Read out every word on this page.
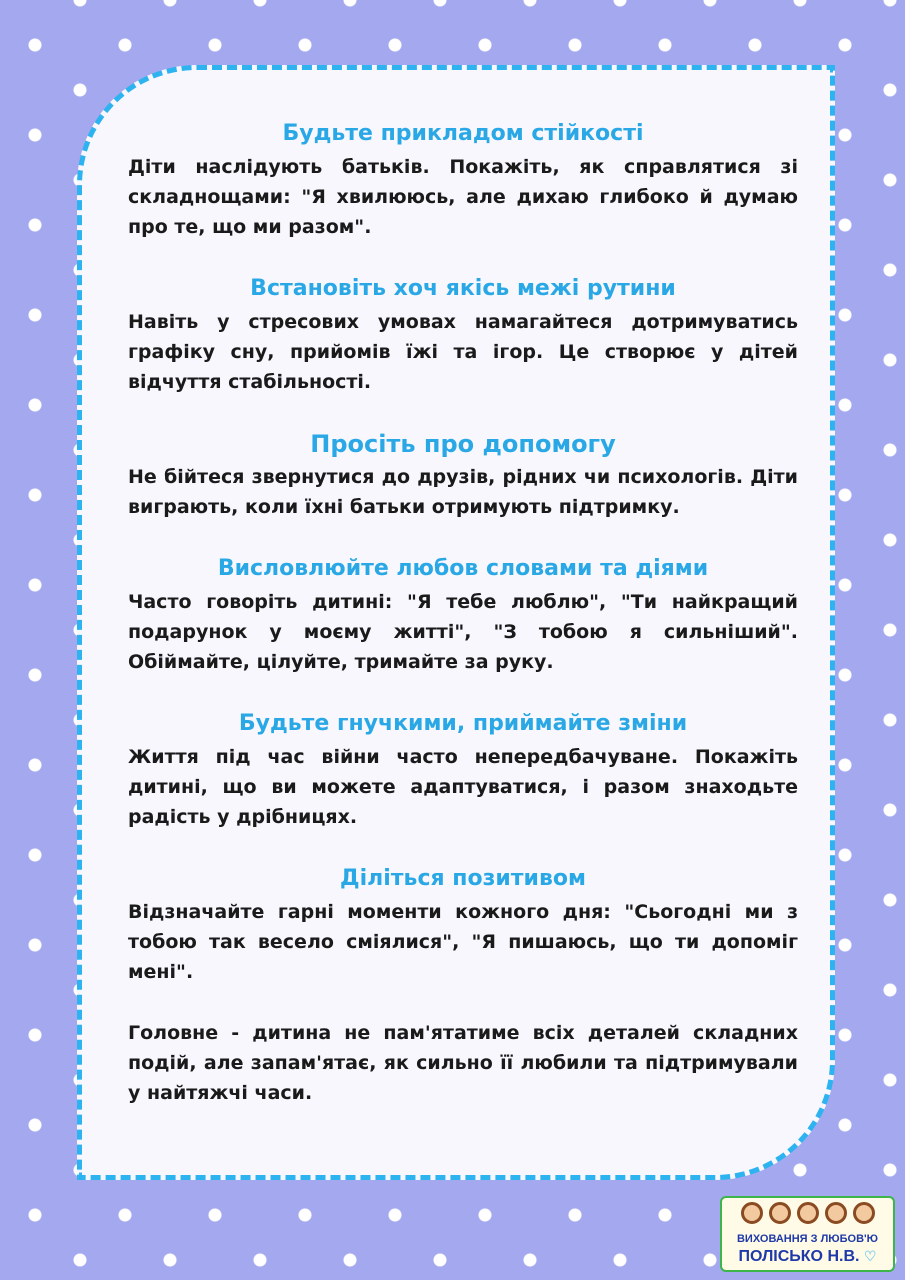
Будьте прикладом стійкості

Діти наслідують батьків. Покажіть, як справлятися зі складнощами: "Я хвилююсь, але дихаю глибоко й думаю про те, що ми разом".

Встановіть хоч якісь межі рутини

Навіть у стресових умовах намагайтеся дотримуватись графіку сну, прийомів їжі та ігор. Це створює у дітей відчуття стабільності.

Просіть про допомогу

Не бійтеся звернутися до друзів, рідних чи психологів. Діти виграють, коли їхні батьки отримують підтримку.

Висловлюйте любов словами та діями

Часто говоріть дитині: "Я тебе люблю", "Ти найкращий подарунок у моєму житті", "З тобою я сильніший". Обіймайте, цілуйте, тримайте за руку.

Будьте гнучкими, приймайте зміни

Життя під час війни часто непередбачуване. Покажіть дитині, що ви можете адаптуватися, і разом знаходьте радість у дрібницях.

Діліться позитивом

Відзначайте гарні моменти кожного дня: "Сьогодні ми з тобою так весело сміялися", "Я пишаюсь, що ти допоміг мені".

Головне - дитина не пам'ятатиме всіх деталей складних подій, але запам'ятає, як сильно її любили та підтримували у найтяжчі часи.

ВИХОВАННЯ З ЛЮБОВ'Ю
ПОЛІСЬКО Н.В. ♡
